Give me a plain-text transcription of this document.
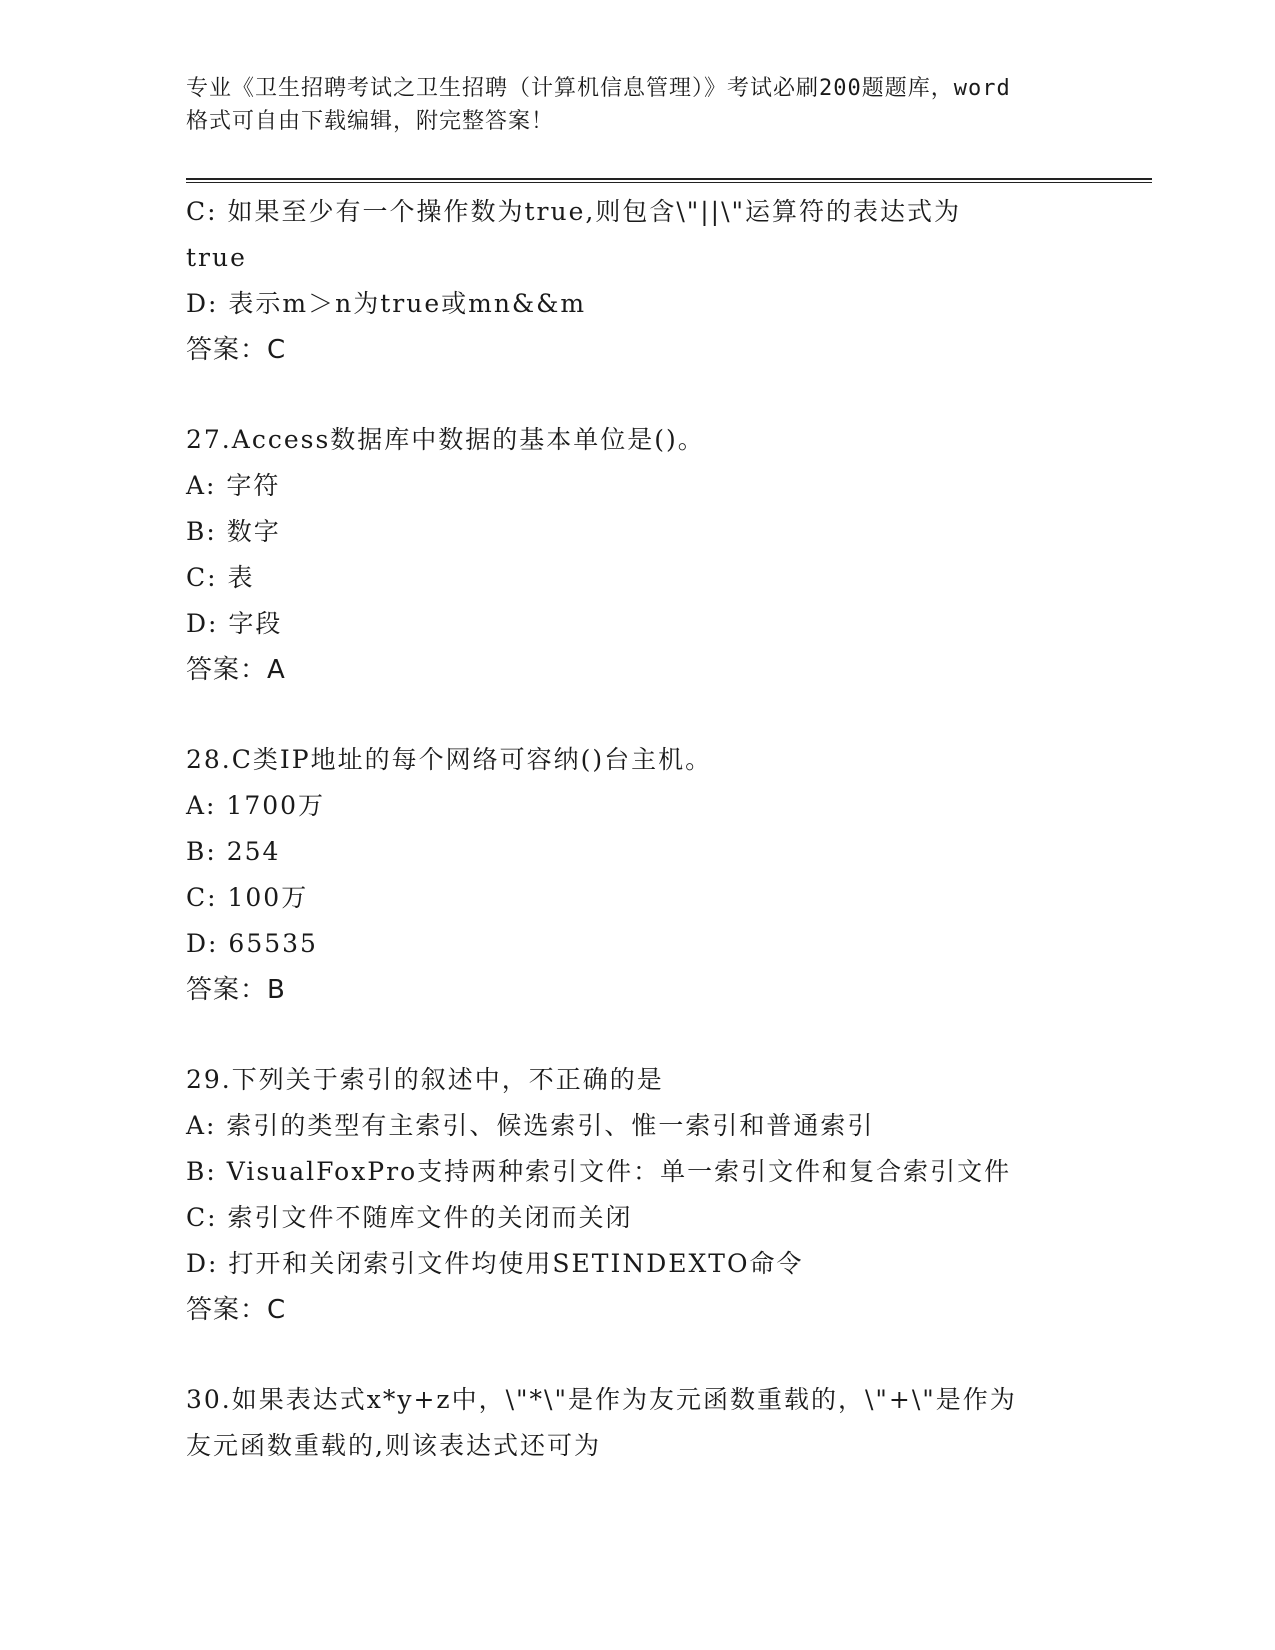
专业《卫生招聘考试之卫生招聘（计算机信息管理）》考试必刷200题题库，word
格式可自由下载编辑，附完整答案！
C: 如果至少有一个操作数为true,则包含\"||\"运算符的表达式为
true
D: 表示m＞n为true或mn&&m
答案：C
27.Access数据库中数据的基本单位是()。
A: 字符
B: 数字
C: 表
D: 字段
答案：A
28.C类IP地址的每个网络可容纳()台主机。
A: 1700万
B: 254
C: 100万
D: 65535
答案：B
29.下列关于索引的叙述中，不正确的是
A: 索引的类型有主索引、候选索引、惟一索引和普通索引
B: VisualFoxPro支持两种索引文件：单一索引文件和复合索引文件
C: 索引文件不随库文件的关闭而关闭
D: 打开和关闭索引文件均使用SETINDEXTO命令
答案：C
30.如果表达式x*y+z中，\"*\"是作为友元函数重载的，\"+\"是作为
友元函数重载的,则该表达式还可为
